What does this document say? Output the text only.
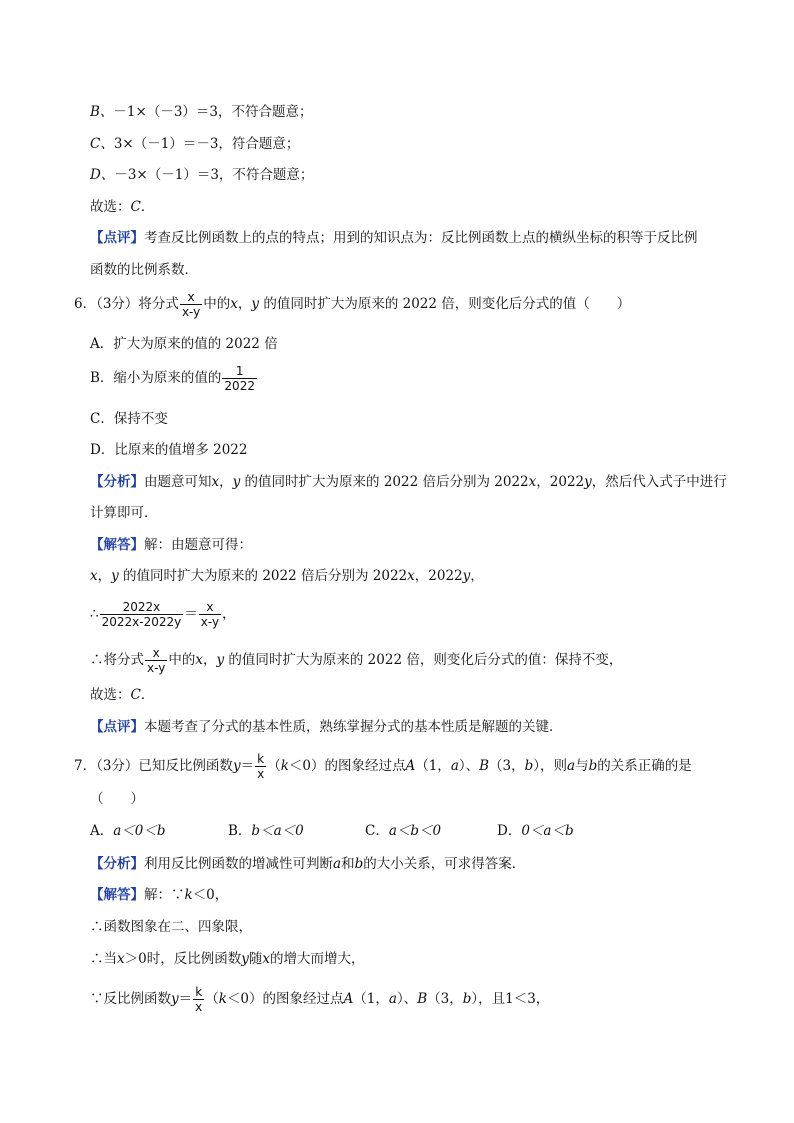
B、－1×（－3）＝3，不符合题意；
C、3×（－1）＝－3，符合题意；
D、－3×（－1）＝3，不符合题意；
故选：C．
【点评】考查反比例函数上的点的特点；用到的知识点为：反比例函数上点的横纵坐标的积等于反比例
函数的比例系数．
6．（3分）将分式 $\frac{x}{x-y}$ 中的x，y 的值同时扩大为原来的 2022 倍，则变化后分式的值（　　）
A．扩大为原来的值的 2022 倍
B．缩小为原来的值的 $\frac{1}{2022}$
C．保持不变
D．比原来的值增多 2022
【分析】由题意可知x，y 的值同时扩大为原来的 2022 倍后分别为 2022x，2022y，然后代入式子中进行
计算即可．
【解答】解：由题意可得：
x，y 的值同时扩大为原来的 2022 倍后分别为 2022x，2022y，
∴ $\frac{2022x}{2022x-2022y} = \frac{x}{x-y}$ ，
∴将分式 $\frac{x}{x-y}$ 中的x，y 的值同时扩大为原来的 2022 倍，则变化后分式的值：保持不变，
故选：C．
【点评】本题考查了分式的基本性质，熟练掌握分式的基本性质是解题的关键．
7．（3分）已知反比例函数$y= \frac{k}{x} (k<0)$的图象经过点A（1，a）、B（3，b），则a与b的关系正确的是
（　　）
A．a＜0＜b	B．b＜a＜0	C．a＜b＜0	D．0＜a＜b
【分析】利用反比例函数的增减性可判断a和b的大小关系，可求得答案．
【解答】解：∵k＜0，
∴函数图象在二、四象限，
∴当x＞0时，反比例函数y随x的增大而增大，
∵反比例函数$y= \frac{k}{x} (k<0)$的图象经过点A（1，a）、B（3，b），且1＜3，
